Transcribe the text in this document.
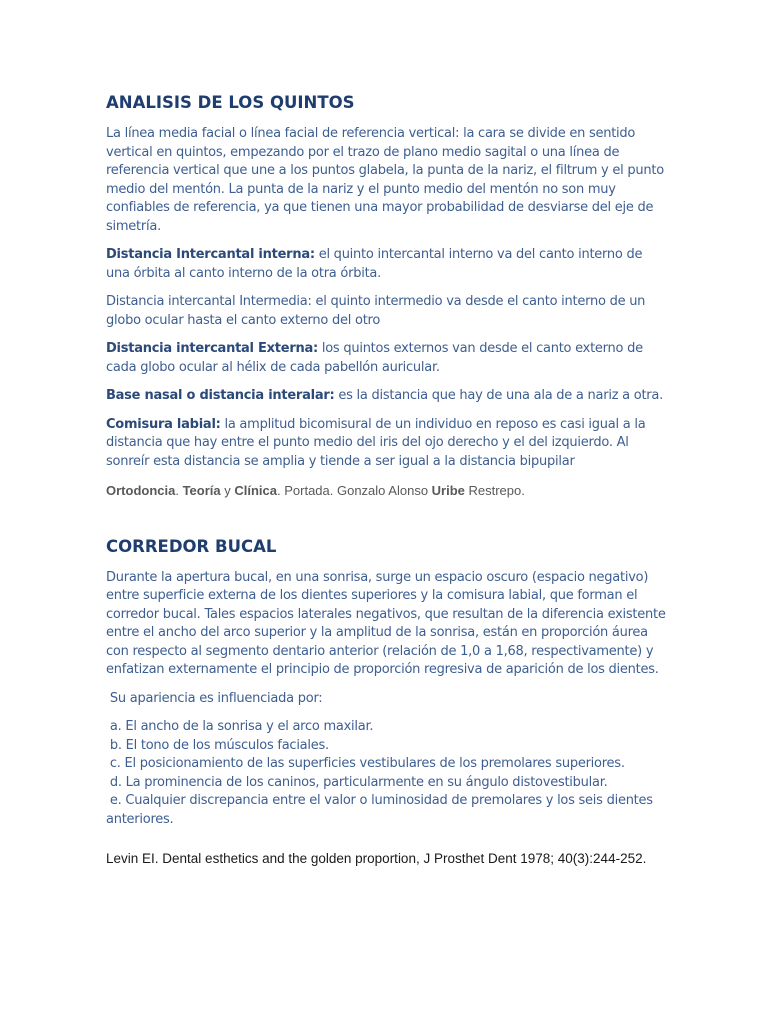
ANALISIS DE LOS QUINTOS

La línea media facial o línea facial de referencia vertical: la cara se divide en sentido vertical en quintos, empezando por el trazo de plano medio sagital o una línea de referencia vertical que une a los puntos glabela, la punta de la nariz, el filtrum y el punto medio del mentón. La punta de la nariz y el punto medio del mentón no son muy confiables de referencia, ya que tienen una mayor probabilidad de desviarse del eje de simetría.

Distancia Intercantal interna: el quinto intercantal interno va del canto interno de una órbita al canto interno de la otra órbita.

Distancia intercantal Intermedia: el quinto intermedio va desde el canto interno de un globo ocular hasta el canto externo del otro

Distancia intercantal Externa: los quintos externos van desde el canto externo de cada globo ocular al hélix de cada pabellón auricular.

Base nasal o distancia interalar: es la distancia que hay de una ala de a nariz a otra.

Comisura labial: la amplitud bicomisural de un individuo en reposo es casi igual a la distancia que hay entre el punto medio del iris del ojo derecho y el del izquierdo. Al sonreír esta distancia se amplia y tiende a ser igual a la distancia bipupilar

Ortodoncia. Teoría y Clínica. Portada. Gonzalo Alonso Uribe Restrepo.

CORREDOR BUCAL

Durante la apertura bucal, en una sonrisa, surge un espacio oscuro (espacio negativo) entre superficie externa de los dientes superiores y la comisura labial, que forman el corredor bucal. Tales espacios laterales negativos, que resultan de la diferencia existente entre el ancho del arco superior y la amplitud de la sonrisa, están en proporción áurea con respecto al segmento dentario anterior (relación de 1,0 a 1,68, respectivamente) y enfatizan externamente el principio de proporción regresiva de aparición de los dientes.

Su apariencia es influenciada por:

a. El ancho de la sonrisa y el arco maxilar.

b. El tono de los músculos faciales.

c. El posicionamiento de las superficies vestibulares de los premolares superiores.

d. La prominencia de los caninos, particularmente en su ángulo distovestibular.

e. Cualquier discrepancia entre el valor o luminosidad de premolares y los seis dientes anteriores.

Levin EI. Dental esthetics and the golden proportion, J Prosthet Dent 1978; 40(3):244-252.
